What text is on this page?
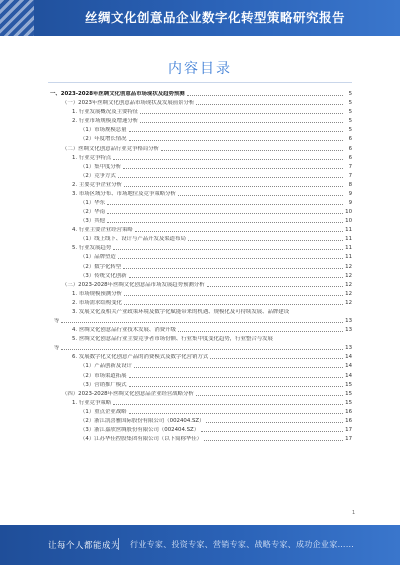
丝绸文化创意品企业数字化转型策略研究报告
内容目录
一、2023-2028年丝绸文化创意品市场现状及趋势预测	5
（一）2023年丝绸文化创意品市场现状及发展前景分析	5
1. 行业发展概况及主要特征	5
2. 行业市场规模及增速分析	5
（1）市场规模总量	5
（2）年度增长情况	6
（二）丝绸文化创意品行业竞争格局分析	6
1. 行业竞争特点	6
（1）集中度分析	7
（2）竞争方式	7
2. 主要竞争企业分析	8
3. 市场区域分布、市场地位及竞争策略分析	9
（1）华东	9
（2）华南	10
（3）其他	10
4. 行业主要企业经营策略	11
（1）线上线下、设计与产品开发及渠道布局	11
5. 行业发展趋势	11
（1）品牌塑造	11
（2）数字化转型	12
（3）传统文化创新	12
（三）2023-2028年丝绸文化创意品市场发展趋势预测分析	12
1. 市场规模预测分析	12
2. 市场需求结构变化	12
3. 发展文化及相关产业政策环境及数字化赋能带来的机遇、规模化及可持续发展、品牌建设
等	13
4. 丝绸文化创意品行业技术发展、消费升级	13
5. 丝绸文化创意品行业主要竞争者市场份额、行业集中度变化趋势，行业整合与发展
等	13
6. 发展数字化文化创意产品的消费模式及数字化营销方式	14
（1）产品创新及设计	14
（2）市场渠道拓展	14
（3）营销推广模式	15
（四）2023-2028年丝绸文化创意品企业经营战略分析	15
1. 行业竞争策略	15
（1）重点企业战略	16
（2）浙江凯喜雅国际股份有限公司（002404.SZ）	16
（3）浙江嘉欣丝绸股份有限公司（002404.SZ）	17
（4）江苏华佳控股集团有限公司（以下简称华佳）	17
1
让每个人都能成为 行业专家、投资专家、营销专家、战略专家、成功企业家……
